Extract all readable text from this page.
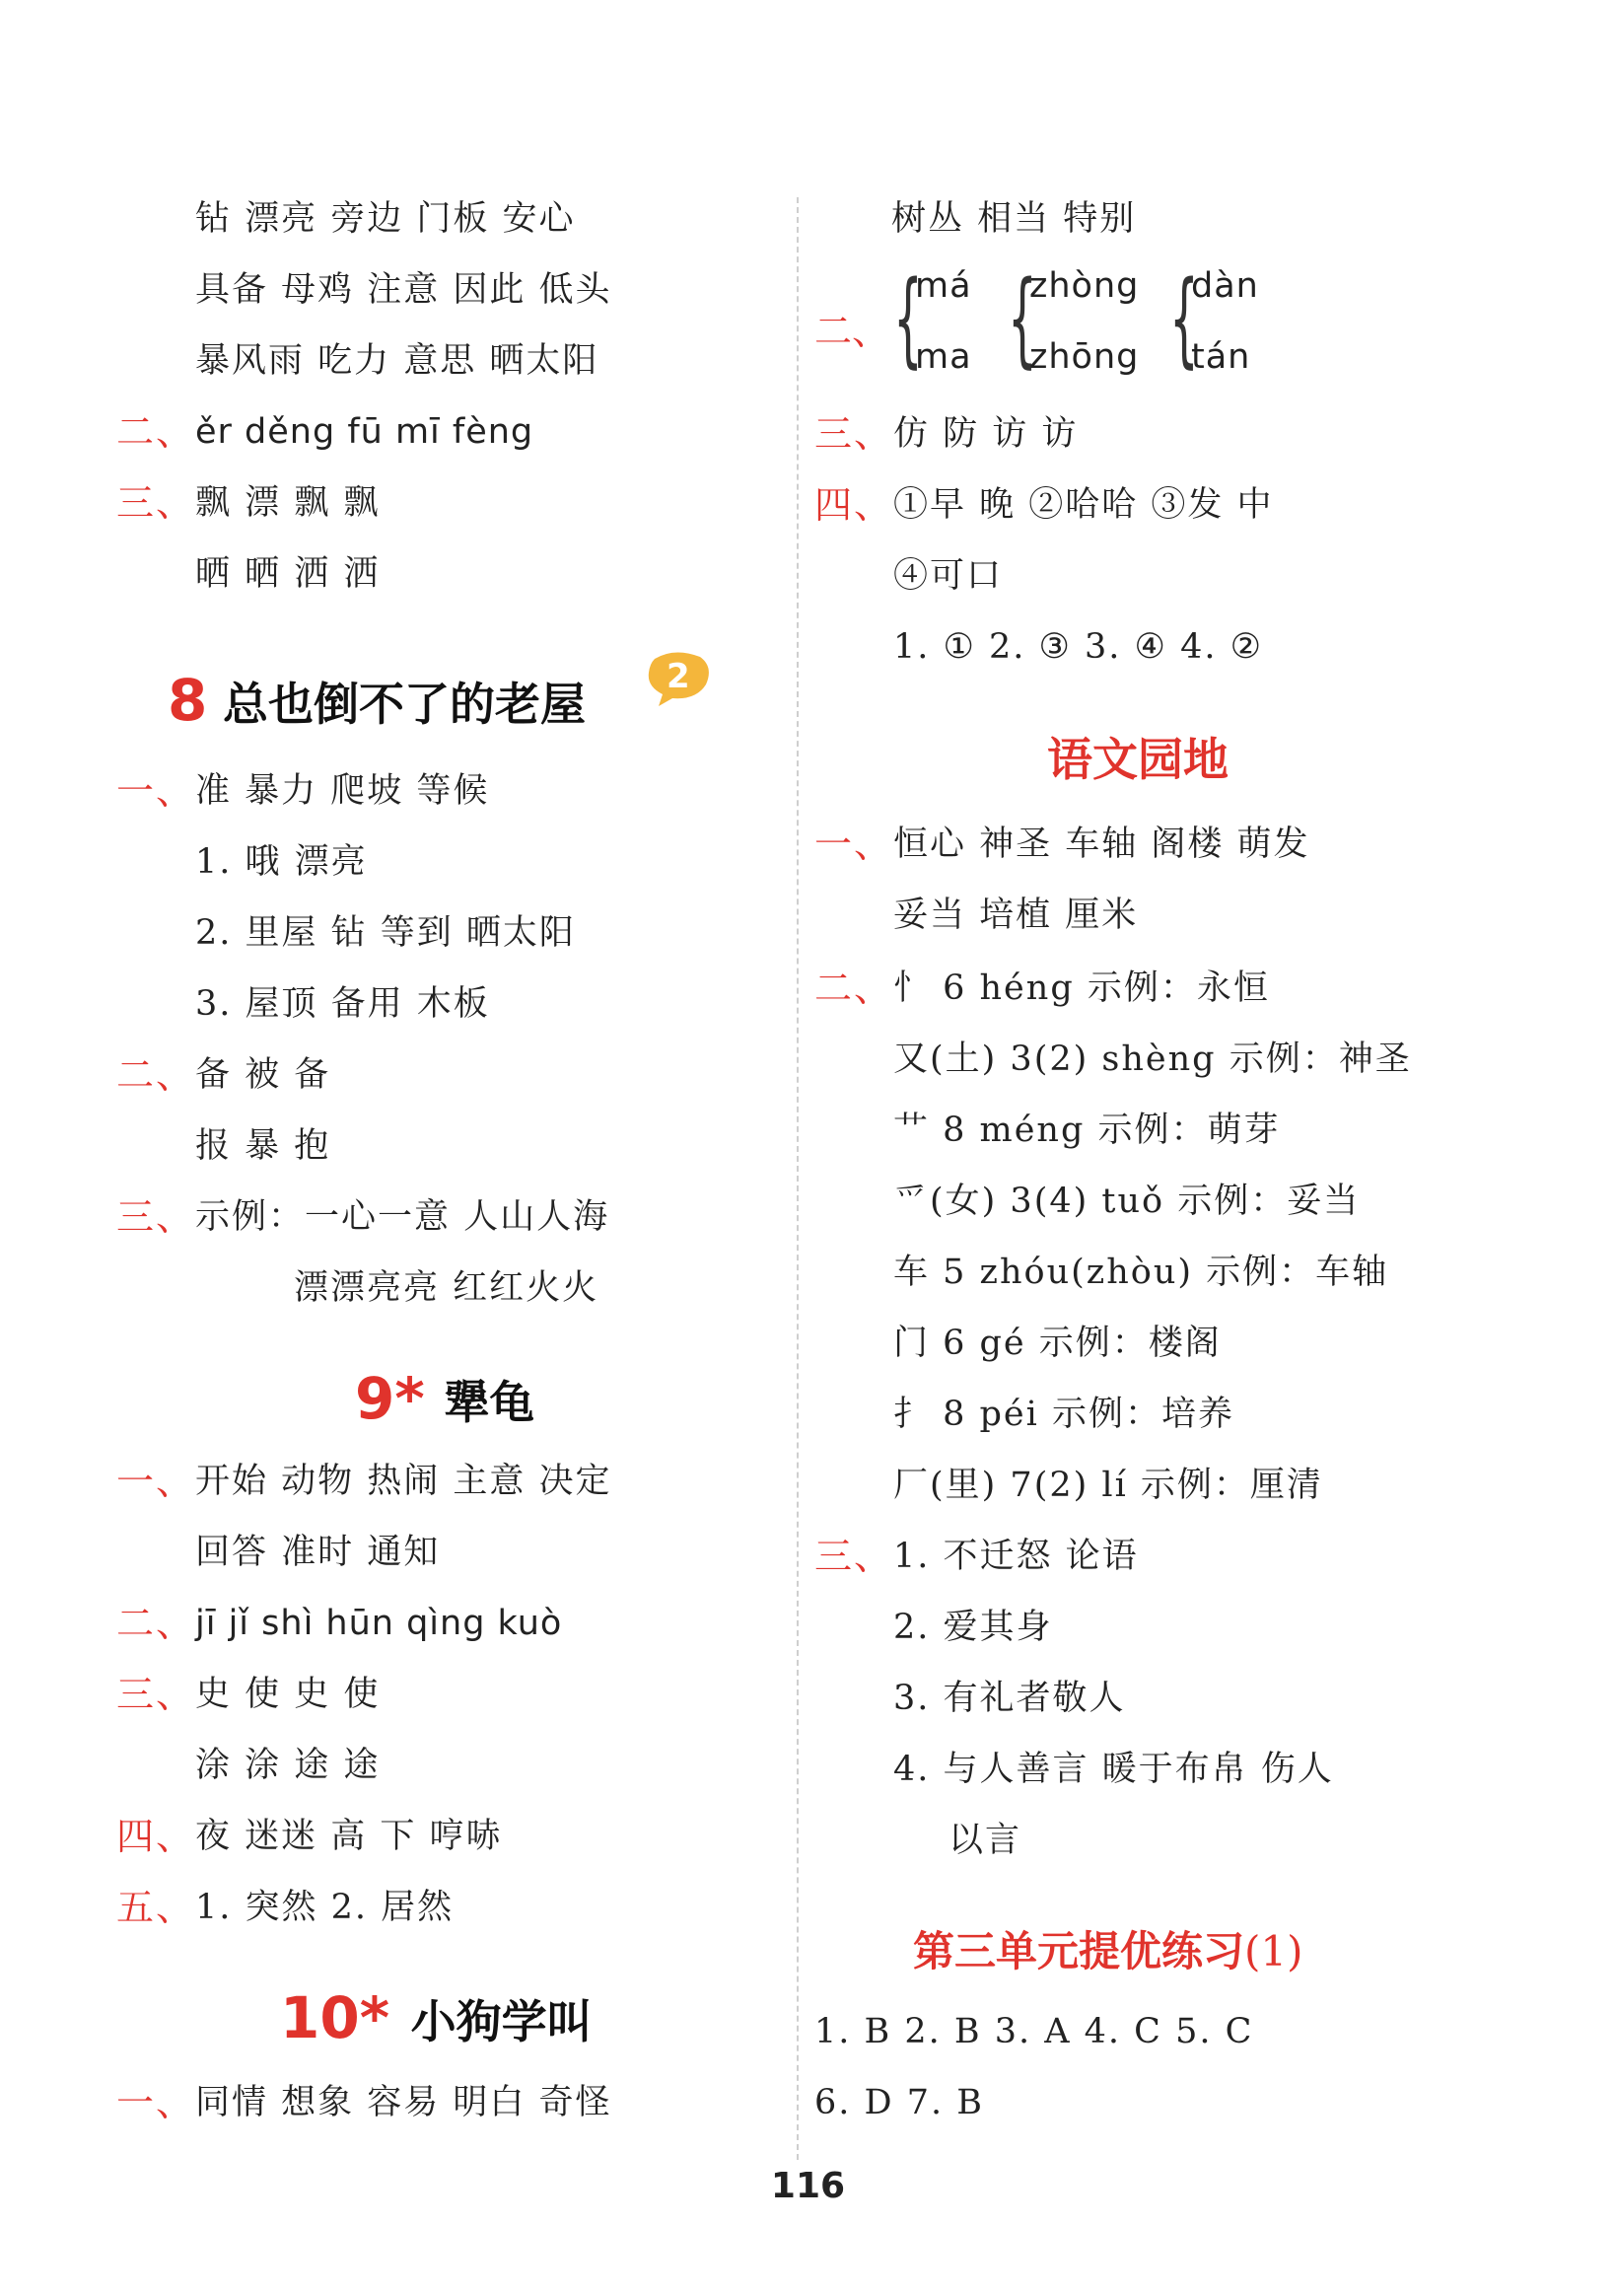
钻 漂亮 旁边 门板 安心
具备 母鸡 注意 因此 低头
暴风雨 吃力 意思 晒太阳
二、 ěr děng fū mī fèng
三、 飘 漂 飘 飘
晒 晒 洒 洒
8 总也倒不了的老屋
2
一、 准 暴力 爬坡 等候
1. 哦 漂亮
2. 里屋 钻 等到 晒太阳
3. 屋顶 备用 木板
二、 备 被 备
报 暴 抱
三、 示例：一心一意 人山人海
漂漂亮亮 红红火火
9* 犟龟
一、 开始 动物 热闹 主意 决定
回答 准时 通知
二、 jī jǐ shì hūn qìng kuò
三、 史 使 史 使
涂 涂 途 途
四、 夜 迷迷 高 下 哼哧
五、 1. 突然 2. 居然
10* 小狗学叫
一、 同情 想象 容易 明白 奇怪
树丛 相当 特别
二、 {
má
ma {
zhòng
zhōng {
dàn
tán
三、 仿 防 访 访
四、 ①早 晚 ②哈哈 ③发 中
④可口
1. ① 2. ③ 3. ④ 4. ②
语文园地
一、 恒心 神圣 车轴 阁楼 萌发
妥当 培植 厘米
二、 忄 6 héng 示例：永恒
又(土) 3(2) shèng 示例：神圣
艹 8 méng 示例：萌芽
爫(女) 3(4) tuǒ 示例：妥当
车 5 zhóu(zhòu) 示例：车轴
门 6 gé 示例：楼阁
扌 8 péi 示例：培养
厂(里) 7(2) lí 示例：厘清
三、 1. 不迁怒 论语
2. 爱其身
3. 有礼者敬人
4. 与人善言 暖于布帛 伤人
以言
第三单元提优练习(1)
1. B 2. B 3. A 4. C 5. C
6. D 7. B
116
